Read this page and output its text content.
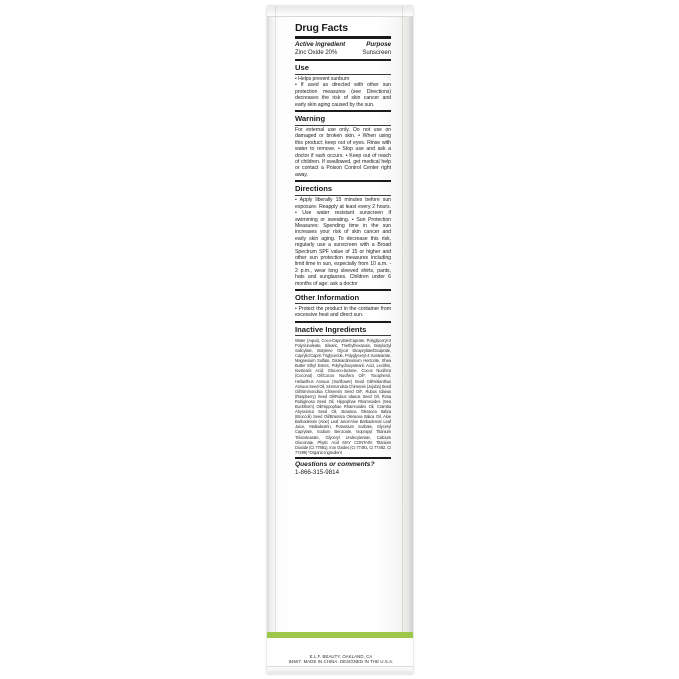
Drug Facts
Active ingredient	Purpose
Zinc Oxide 20%	Sunscreen
Use
• Helps prevent sunburn
• If used as directed with other sun protection measures (see Directions) decreases the risk of skin cancer and early skin aging caused by the sun.
Warning
For external use only. Do not use on damaged or broken skin. • When using this product: keep out of eyes. Rinse with water to remove. • Stop use and ask a doctor if rash occurs. • Keep out of reach of children. If swallowed, get medical help or contact a Poison Control Center right away.
Directions
• Apply liberally 15 minutes before sun exposure. Reapply at least every 2 hours. • Use water resistant sunscreen if swimming or sweating. • Sun Protection Measures: Spending time in the sun increases your risk of skin cancer and early skin aging. To decrease this risk, regularly use a sunscreen with a Broad Spectrum SPF value of 15 or higher and other sun protection measures including limit time in sun, especially from 10 a.m. - 2 p.m., wear long sleeved shirts, pants, hats and sunglasses. Children under 6 months of age: ask a doctor
Other Information
• Protect the product in the container from excessive heat and direct sun.
Inactive Ingredients
Water (Aqua), Coco-Caprylate/Caprate, Polyglyceryl-3 Polyricinoleate, Silearic, Triethylhexanoin, Butyloctyl Salicylate, Butylene Glycol Dicaprylate/Dicaprate, Caprylic/Capric Triglyceride, Polyglyceryl-4 Isostearate, Magnesium Sulfate, Disteardimonium Hectorite, Shea Butter Ethyl Esters, Polyhydroxystearic Acid, Lecithin, Isostearic Acid, Glucono-lactone, Cocos Nucifera (Coconut) Oil/Cocos Nucifera Oil*, Tocopherol, Helianthus Annuus (Sunflower) Seed Oil/Helianthus Annuus Seed Oil, Simmondsia Chinensis (Jojoba) Seed Oil/Simmondsia Chinensis Seed Oil*, Rubus Idaeus (Raspberry) Seed Oil/Rubus Idaeus Seed Oil, Rosa Rubiginosa Seed Oil, Hippophae Rhamnoides (Sea Buckthorn) Oil/Hippophae Rhamnoides Oil, Cramba Abyssinica Seed Oil, Brassica Oleracea Italica (Broccoli) Seed Oil/Brassica Oleracea Italica Oil, Aloe Barbadensis (Aloe) Leaf Juice/Aloe Barbadensis Leaf Juice, Maltodextrin, Potassium Sorbate, Glyceryl Caprylate, Sodium Benzoate, Isopropyl Titanium Triisostearate, Glyceryl Undecylenate, Calcium Gluconate, Phytic Acid MAY CONTAIN: Titanium Dioxide (CI 77891), Iron Oxides (CI 77491, CI 77492, CI 77499) *Organic Ingredient
Questions or comments?
1-866-315-9814
E.L.F. BEAUTY, OAKLAND, CA
94607. MADE IN CHINA. DESIGNED IN THE U.S.A.
